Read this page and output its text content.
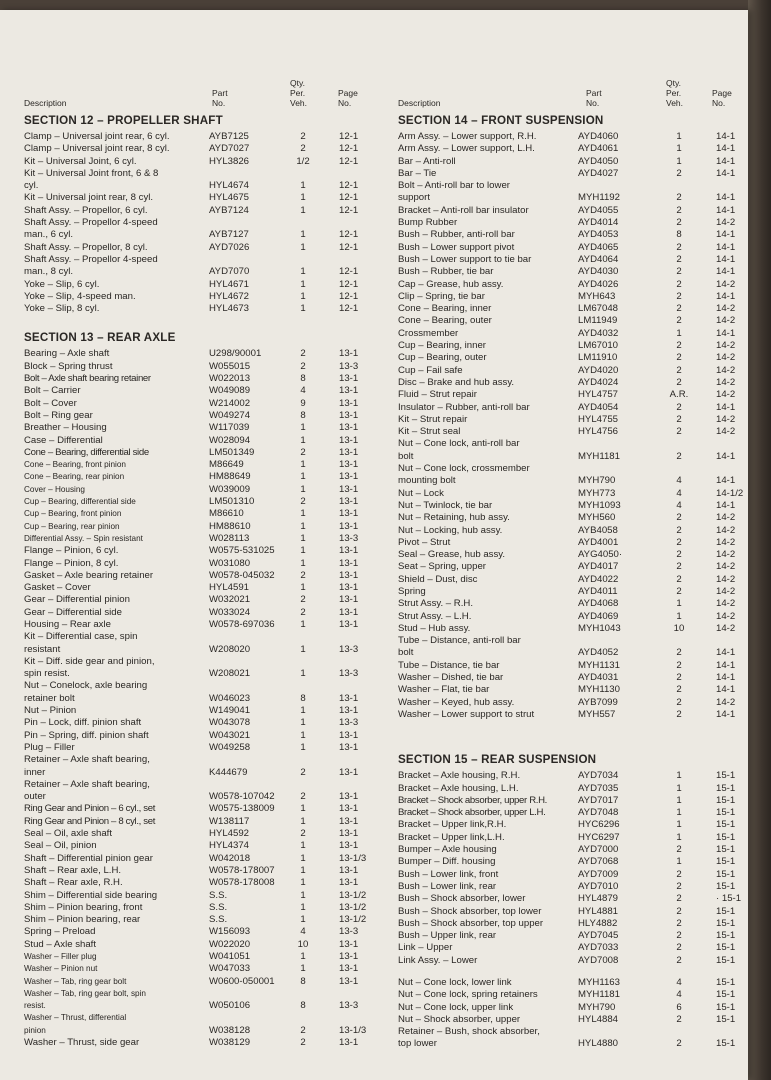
Description
Part
No.
Qty.
Per.
Veh.
Page
No.
SECTION 12 – PROPELLER SHAFT
Clamp – Universal joint rear, 6 cyl.	AYB7125	2	12-1
Clamp – Universal joint rear, 8 cyl.	AYD7027	2	12-1
Kit – Universal Joint, 6 cyl.	HYL3826	1/2	12-1
Kit – Universal Joint front, 6 & 8
cyl.	HYL4674	1	12-1
Kit – Universal joint rear, 8 cyl.	HYL4675	1	12-1
Shaft Assy. – Propellor, 6 cyl.	AYB7124	1	12-1
Shaft Assy. – Propellor 4-speed
man., 6 cyl.	AYB7127	1	12-1
Shaft Assy. – Propellor, 8 cyl.	AYD7026	1	12-1
Shaft Assy. – Propellor 4-speed
man., 8 cyl.	AYD7070	1	12-1
Yoke – Slip, 6 cyl.	HYL4671	1	12-1
Yoke – Slip, 4-speed man.	HYL4672	1	12-1
Yoke – Slip, 8 cyl.	HYL4673	1	12-1
SECTION 13 – REAR AXLE
Bearing – Axle shaft	U298/90001	2	13-1
Block – Spring thrust	W055015	2	13-3
Bolt – Axle shaft bearing retainer	W022013	8	13-1
Bolt – Carrier	W049089	4	13-1
Bolt – Cover	W214002	9	13-1
Bolt – Ring gear	W049274	8	13-1
Breather – Housing	W117039	1	13-1
Case – Differential	W028094	1	13-1
Cone – Bearing, differential side	LM501349	2	13-1
Cone – Bearing, front pinion	M86649	1	13-1
Cone – Bearing, rear pinion	HM88649	1	13-1
Cover – Housing	W039009	1	13-1
Cup – Bearing, differential side	LM501310	2	13-1
Cup – Bearing, front pinion	M86610	1	13-1
Cup – Bearing, rear pinion	HM88610	1	13-1
Differential Assy. – Spin resistant	W028113	1	13-3
Flange – Pinion, 6 cyl.	W0575-531025	1	13-1
Flange – Pinion, 8 cyl.	W031080	1	13-1
Gasket – Axle bearing retainer	W0578-045032	2	13-1
Gasket – Cover	HYL4591	1	13-1
Gear – Differential pinion	W032021	2	13-1
Gear – Differential side	W033024	2	13-1
Housing – Rear axle	W0578-697036	1	13-1
Kit – Differential case, spin
resistant	W208020	1	13-3
Kit – Diff. side gear and pinion,
spin resist.	W208021	1	13-3
Nut – Conelock, axle bearing
retainer bolt	W046023	8	13-1
Nut – Pinion	W149041	1	13-1
Pin – Lock, diff. pinion shaft	W043078	1	13-3
Pin – Spring, diff. pinion shaft	W043021	1	13-1
Plug – Filler	W049258	1	13-1
Retainer – Axle shaft bearing,
inner	K444679	2	13-1
Retainer – Axle shaft bearing,
outer	W0578-107042	2	13-1
Ring Gear and Pinion – 6 cyl., set	W0575-138009	1	13-1
Ring Gear and Pinion – 8 cyl., set	W138117	1	13-1
Seal – Oil, axle shaft	HYL4592	2	13-1
Seal – Oil, pinion	HYL4374	1	13-1
Shaft – Differential pinion gear	W042018	1	13-1/3
Shaft – Rear axle, L.H.	W0578-178007	1	13-1
Shaft – Rear axle, R.H.	W0578-178008	1	13-1
Shim – Differential side bearing	S.S.	1	13-1/2
Shim – Pinion bearing, front	S.S.	1	13-1/2
Shim – Pinion bearing, rear	S.S.	1	13-1/2
Spring – Preload	W156093	4	13-3
Stud – Axle shaft	W022020	10	13-1
Washer – Filler plug	W041051	1	13-1
Washer – Pinion nut	W047033	1	13-1
Washer – Tab, ring gear bolt	W0600-050001	8	13-1
Washer – Tab, ring gear bolt, spin
resist.	W050106	8	13-3
Washer – Thrust, differential
pinion	W038128	2	13-1/3
Washer – Thrust, side gear	W038129	2	13-1
Description
Part
No.
Qty.
Per.
Veh.
Page
No.
SECTION 14 – FRONT SUSPENSION
Arm Assy. – Lower support, R.H.	AYD4060	1	14-1
Arm Assy. – Lower support, L.H.	AYD4061	1	14-1
Bar – Anti-roll	AYD4050	1	14-1
Bar – Tie	AYD4027	2	14-1
Bolt – Anti-roll bar to lower
support	MYH1192	2	14-1
Bracket – Anti-roll bar insulator	AYD4055	2	14-1
Bump Rubber	AYD4014	2	14-2
Bush – Rubber, anti-roll bar	AYD4053	8	14-1
Bush – Lower support pivot	AYD4065	2	14-1
Bush – Lower support to tie bar	AYD4064	2	14-1
Bush – Rubber, tie bar	AYD4030	2	14-1
Cap – Grease, hub assy.	AYD4026	2	14-2
Clip – Spring, tie bar	MYH643	2	14-1
Cone – Bearing, inner	LM67048	2	14-2
Cone – Bearing, outer	LM11949	2	14-2
Crossmember	AYD4032	1	14-1
Cup – Bearing, inner	LM67010	2	14-2
Cup – Bearing, outer	LM11910	2	14-2
Cup – Fail safe	AYD4020	2	14-2
Disc – Brake and hub assy.	AYD4024	2	14-2
Fluid – Strut repair	HYL4757	A.R.	14-2
Insulator – Rubber, anti-roll bar	AYD4054	2	14-1
Kit – Strut repair	HYL4755	2	14-2
Kit – Strut seal	HYL4756	2	14-2
Nut – Cone lock, anti-roll bar
bolt	MYH1181	2	14-1
Nut – Cone lock, crossmember
mounting bolt	MYH790	4	14-1
Nut – Lock	MYH773	4	14-1/2
Nut – Twinlock, tie bar	MYH1093	4	14-1
Nut – Retaining, hub assy.	MYH560	2	14-2
Nut – Locking, hub assy.	AYB4058	2	14-2
Pivot – Strut	AYD4001	2	14-2
Seal – Grease, hub assy.	AYG4050·	2	14-2
Seat – Spring, upper	AYD4017	2	14-2
Shield – Dust, disc	AYD4022	2	14-2
Spring	AYD4011	2	14-2
Strut Assy. – R.H.	AYD4068	1	14-2
Strut Assy. – L.H.	AYD4069	1	14-2
Stud – Hub assy.	MYH1043	10	14-2
Tube – Distance, anti-roll bar
bolt	AYD4052	2	14-1
Tube – Distance, tie bar	MYH1131	2	14-1
Washer – Dished, tie bar	AYD4031	2	14-1
Washer – Flat, tie bar	MYH1130	2	14-1
Washer – Keyed, hub assy.	AYB7099	2	14-2
Washer – Lower support to strut	MYH557	2	14-1
SECTION 15 – REAR SUSPENSION
Bracket – Axle housing, R.H.	AYD7034	1	15-1
Bracket – Axle housing, L.H.	AYD7035	1	15-1
Bracket – Shock absorber, upper R.H.	AYD7017	1	15-1
Bracket – Shock absorber, upper L.H.	AYD7048	1	15-1
Bracket – Upper link,R.H.	HYC6296	1	15-1
Bracket – Upper link,L.H.	HYC6297	1	15-1
Bumper – Axle housing	AYD7000	2	15-1
Bumper – Diff. housing	AYD7068	1	15-1
Bush – Lower link, front	AYD7009	2	15-1
Bush – Lower link, rear	AYD7010	2	15-1
Bush – Shock absorber, lower	HYL4879	2	· 15-1
Bush – Shock absorber, top lower	HYL4881	2	15-1
Bush – Shock absorber, top upper	HLY4882	2	15-1
Bush – Upper link, rear	AYD7045	2	15-1
Link – Upper	AYD7033	2	15-1
Link Assy. – Lower	AYD7008	2	15-1
Nut – Cone lock, lower link	MYH1163	4	15-1
Nut – Cone lock, spring retainers	MYH1181	4	15-1
Nut – Cone lock, upper link	MYH790	6	15-1
Nut – Shock absorber, upper	HYL4884	2	15-1
Retainer – Bush, shock absorber,
top lower	HYL4880	2	15-1
